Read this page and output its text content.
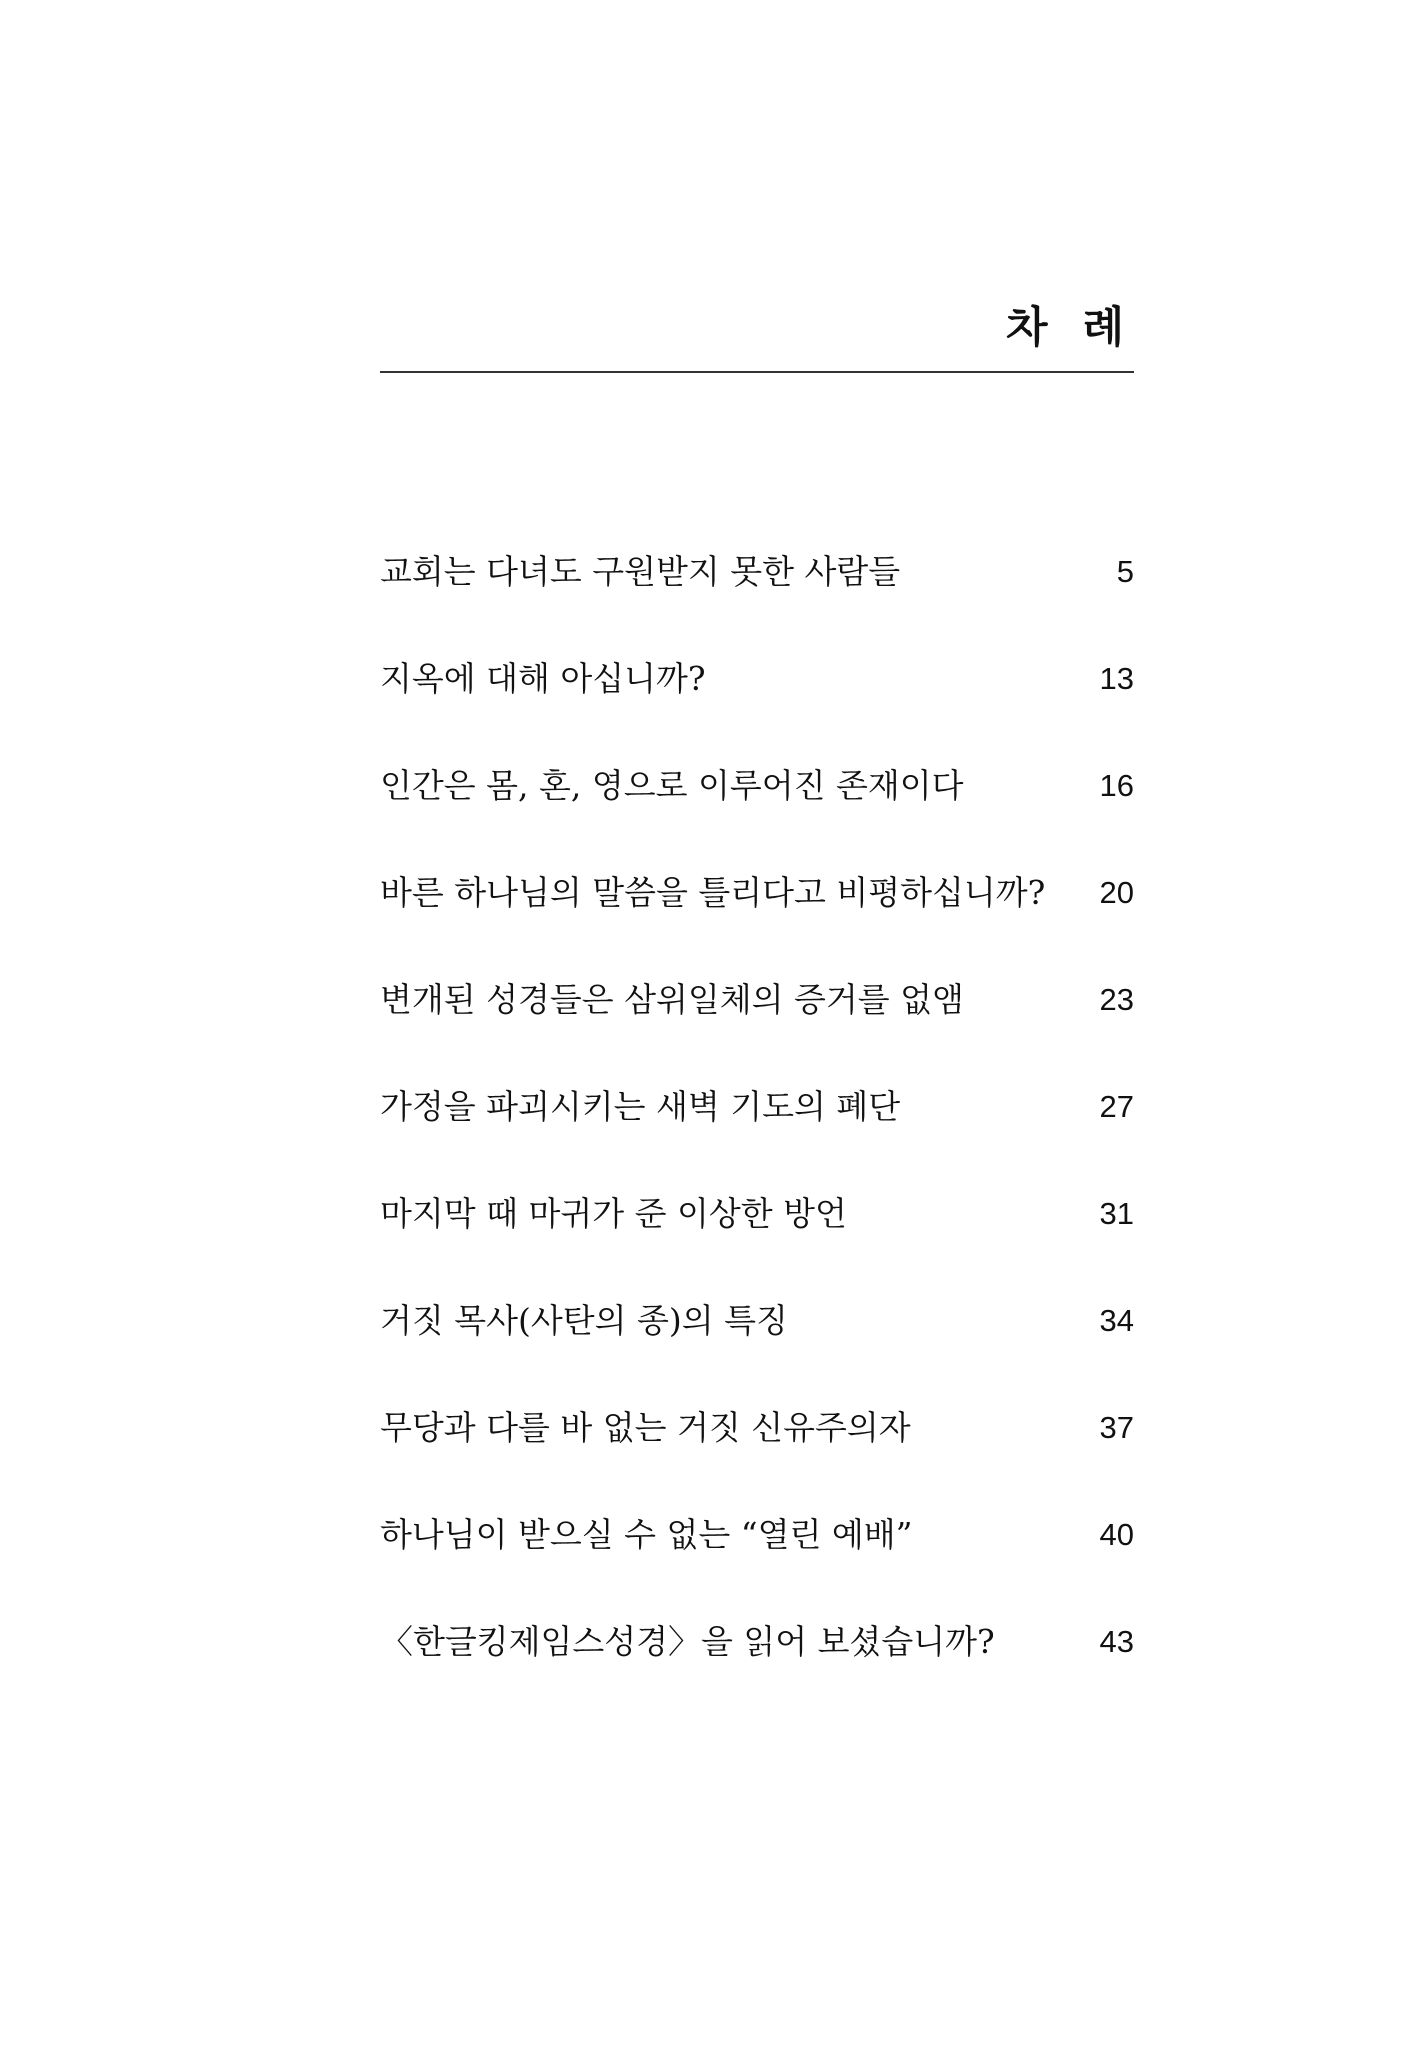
차 례
교회는 다녀도 구원받지 못한 사람들	5
지옥에 대해 아십니까?	13
인간은 몸, 혼, 영으로 이루어진 존재이다	16
바른 하나님의 말씀을 틀리다고 비평하십니까?	20
변개된 성경들은 삼위일체의 증거를 없앰	23
가정을 파괴시키는 새벽 기도의 폐단	27
마지막 때 마귀가 준 이상한 방언	31
거짓 목사(사탄의 종)의 특징	34
무당과 다를 바 없는 거짓 신유주의자	37
하나님이 받으실 수 없는 “열린 예배”	40
〈한글킹제임스성경〉을 읽어 보셨습니까?	43
